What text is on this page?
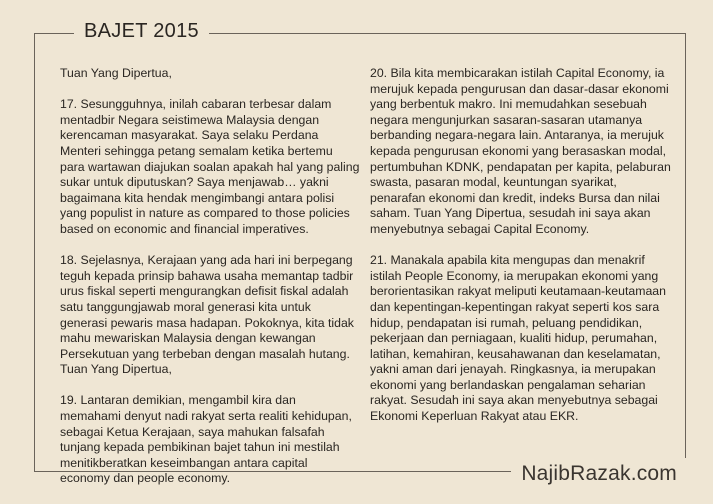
BAJET 2015

Tuan Yang Dipertua,

17. Sesungguhnya, inilah cabaran terbesar dalam mentadbir Negara seistimewa Malaysia dengan kerencaman masyarakat. Saya selaku Perdana Menteri sehingga petang semalam ketika bertemu para wartawan diajukan soalan apakah hal yang paling sukar untuk diputuskan? Saya menjawab… yakni bagaimana kita hendak mengimbangi antara polisi yang populist in nature as compared to those policies based on economic and financial imperatives.

18. Sejelasnya, Kerajaan yang ada hari ini berpegang teguh kepada prinsip bahawa usaha memantap tadbir urus fiskal seperti mengurangkan defisit fiskal adalah satu tanggungjawab moral generasi kita untuk generasi pewaris masa hadapan. Pokoknya, kita tidak mahu mewariskan Malaysia dengan kewangan Persekutuan yang terbeban dengan masalah hutang.

Tuan Yang Dipertua,

19. Lantaran demikian, mengambil kira dan memahami denyut nadi rakyat serta realiti kehidupan, sebagai Ketua Kerajaan, saya mahukan falsafah tunjang kepada pembikinan bajet tahun ini mestilah menitikberatkan keseimbangan antara capital economy dan people economy.

20. Bila kita membicarakan istilah Capital Economy, ia merujuk kepada pengurusan dan dasar-dasar ekonomi yang berbentuk makro. Ini memudahkan sesebuah negara mengunjurkan sasaran-sasaran utamanya berbanding negara-negara lain. Antaranya, ia merujuk kepada pengurusan ekonomi yang berasaskan modal, pertumbuhan KDNK, pendapatan per kapita, pelaburan swasta, pasaran modal, keuntungan syarikat, penarafan ekonomi dan kredit, indeks Bursa dan nilai saham. Tuan Yang Dipertua, sesudah ini saya akan menyebutnya sebagai Capital Economy.

21. Manakala apabila kita mengupas dan menakrif istilah People Economy, ia merupakan ekonomi yang berorientasikan rakyat meliputi keutamaan-keutamaan dan kepentingan-kepentingan rakyat seperti kos sara hidup, pendapatan isi rumah, peluang pendidikan, pekerjaan dan perniagaan, kualiti hidup, perumahan, latihan, kemahiran, keusahawanan dan keselamatan, yakni aman dari jenayah. Ringkasnya, ia merupakan ekonomi yang berlandaskan pengalaman seharian rakyat. Sesudah ini saya akan menyebutnya sebagai Ekonomi Keperluan Rakyat atau EKR.

NajibRazak.com
